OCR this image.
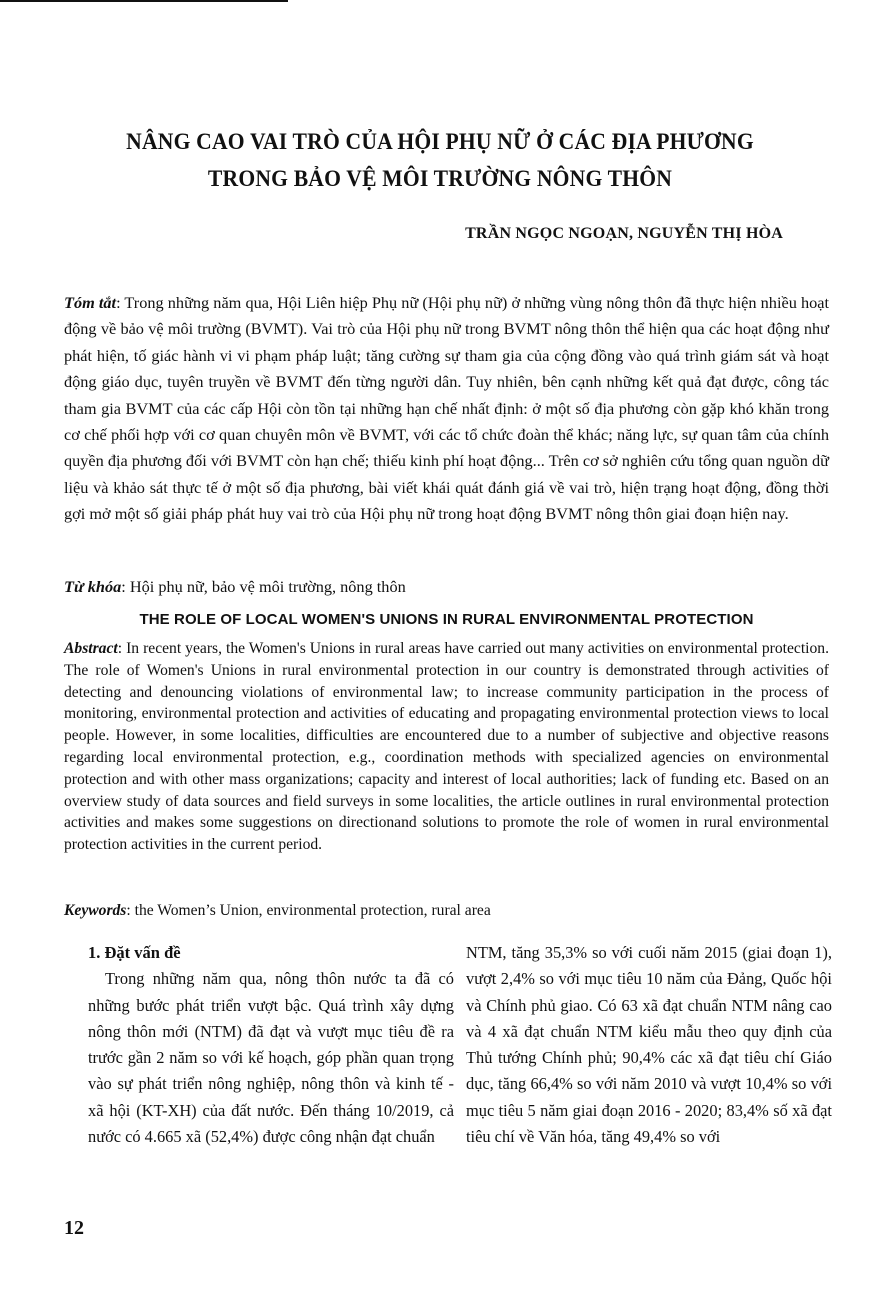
NÂNG CAO VAI TRÒ CỦA HỘI PHỤ NỮ Ở CÁC ĐỊA PHƯƠNG
TRONG BẢO VỆ MÔI TRƯỜNG NÔNG THÔN
TRẦN NGỌC NGOẠN, NGUYỄN THỊ HÒA

Tóm tắt: Trong những năm qua, Hội Liên hiệp Phụ nữ (Hội phụ nữ) ở những vùng nông thôn đã thực hiện nhiều hoạt động về bảo vệ môi trường (BVMT). Vai trò của Hội phụ nữ trong BVMT nông thôn thể hiện qua các hoạt động như phát hiện, tố giác hành vi vi phạm pháp luật; tăng cường sự tham gia của cộng đồng vào quá trình giám sát và hoạt động giáo dục, tuyên truyền về BVMT đến từng người dân. Tuy nhiên, bên cạnh những kết quả đạt được, công tác tham gia BVMT của các cấp Hội còn tồn tại những hạn chế nhất định: ở một số địa phương còn gặp khó khăn trong cơ chế phối hợp với cơ quan chuyên môn về BVMT, với các tổ chức đoàn thể khác; năng lực, sự quan tâm của chính quyền địa phương đối với BVMT còn hạn chế; thiếu kinh phí hoạt động... Trên cơ sở nghiên cứu tổng quan nguồn dữ liệu và khảo sát thực tế ở một số địa phương, bài viết khái quát đánh giá về vai trò, hiện trạng hoạt động, đồng thời gợi mở một số giải pháp phát huy vai trò của Hội phụ nữ trong hoạt động BVMT nông thôn giai đoạn hiện nay.

Từ khóa: Hội phụ nữ, bảo vệ môi trường, nông thôn
THE ROLE OF LOCAL WOMEN'S UNIONS IN RURAL ENVIRONMENTAL PROTECTION

Abstract: In recent years, the Women's Unions in rural areas have carried out many activities on environmental protection. The role of Women's Unions in rural environmental protection in our country is demonstrated through activities of detecting and denouncing violations of environmental law; to increase community participation in the process of monitoring, environmental protection and activities of educating and propagating environmental protection views to local people. However, in some localities, difficulties are encountered due to a number of subjective and objective reasons regarding local environmental protection, e.g., coordination methods with specialized agencies on environmental protection and with other mass organizations; capacity and interest of local authorities; lack of funding etc. Based on an overview study of data sources and field surveys in some localities, the article outlines in rural environmental protection activities and makes some suggestions on directionand solutions to promote the role of women in rural environmental protection activities in the current period.

Keywords: the Women’s Union, environmental protection, rural area

1. Đặt vấn đề

Trong những năm qua, nông thôn nước ta đã có những bước phát triển vượt bậc. Quá trình xây dựng nông thôn mới (NTM) đã đạt và vượt mục tiêu đề ra trước gần 2 năm so với kế hoạch, góp phần quan trọng vào sự phát triển nông nghiệp, nông thôn và kinh tế - xã hội (KT-XH) của đất nước. Đến tháng 10/2019, cả nước có 4.665 xã (52,4%) được công nhận đạt chuẩn

NTM, tăng 35,3% so với cuối năm 2015 (giai đoạn 1), vượt 2,4% so với mục tiêu 10 năm của Đảng, Quốc hội và Chính phủ giao. Có 63 xã đạt chuẩn NTM nâng cao và 4 xã đạt chuẩn NTM kiểu mẫu theo quy định của Thủ tướng Chính phủ; 90,4% các xã đạt tiêu chí Giáo dục, tăng 66,4% so với năm 2010 và vượt 10,4% so với mục tiêu 5 năm giai đoạn 2016 - 2020; 83,4% số xã đạt tiêu chí về Văn hóa, tăng 49,4% so với

12
